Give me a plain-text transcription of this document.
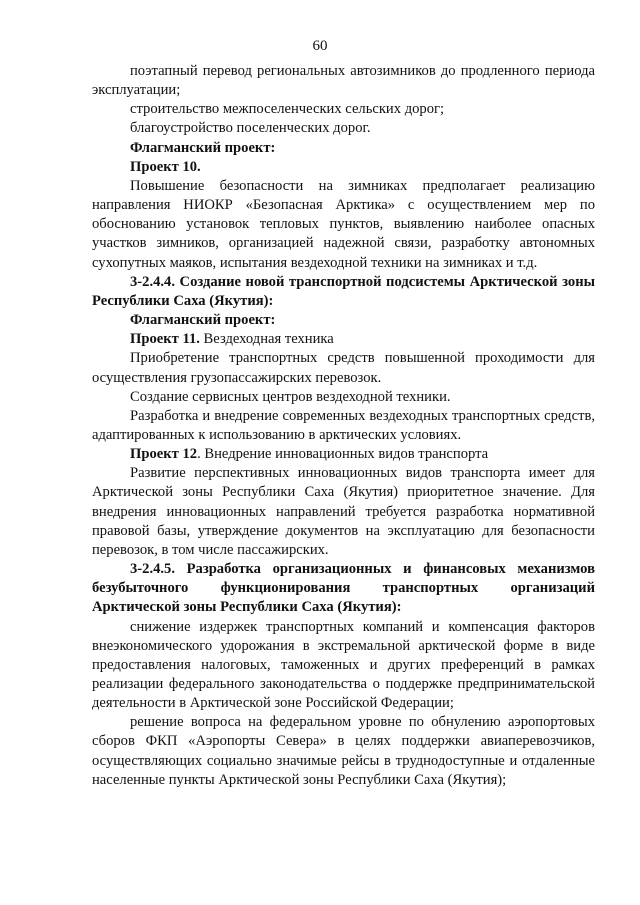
60

поэтапный перевод региональных автозимников до продленного периода эксплуатации;

строительство межпоселенческих сельских дорог;

благоустройство поселенческих дорог.

Флагманский проект:

Проект 10.

Повышение безопасности на зимниках предполагает реализацию направления НИОКР «Безопасная Арктика» с осуществлением мер по обоснованию установок тепловых пунктов, выявлению наиболее опасных участков зимников, организацией надежной связи, разработку автономных сухопутных маяков, испытания вездеходной техники на зимниках и т.д.

3-2.4.4. Создание новой транспортной подсистемы Арктической зоны Республики Саха (Якутия):

Флагманский проект:

Проект 11. Вездеходная техника

Приобретение транспортных средств повышенной проходимости для осуществления грузопассажирских перевозок.

Создание сервисных центров вездеходной техники.

Разработка и внедрение современных вездеходных транспортных средств, адаптированных к использованию в арктических условиях.

Проект 12. Внедрение инновационных видов транспорта

Развитие перспективных инновационных видов транспорта имеет для Арктической зоны Республики Саха (Якутия) приоритетное значение. Для внедрения инновационных направлений требуется разработка нормативной правовой базы, утверждение документов на эксплуатацию для безопасности перевозок, в том числе пассажирских.

3-2.4.5. Разработка организационных и финансовых механизмов безубыточного функционирования транспортных организаций Арктической зоны Республики Саха (Якутия):

снижение издержек транспортных компаний и компенсация факторов внеэкономического удорожания в экстремальной арктической форме в виде предоставления налоговых, таможенных и других преференций в рамках реализации федерального законодательства о поддержке предпринимательской деятельности в Арктической зоне Российской Федерации;

решение вопроса на федеральном уровне по обнулению аэропортовых сборов ФКП «Аэропорты Севера» в целях поддержки авиаперевозчиков, осуществляющих социально значимые рейсы в труднодоступные и отдаленные населенные пункты Арктической зоны Республики Саха (Якутия);
